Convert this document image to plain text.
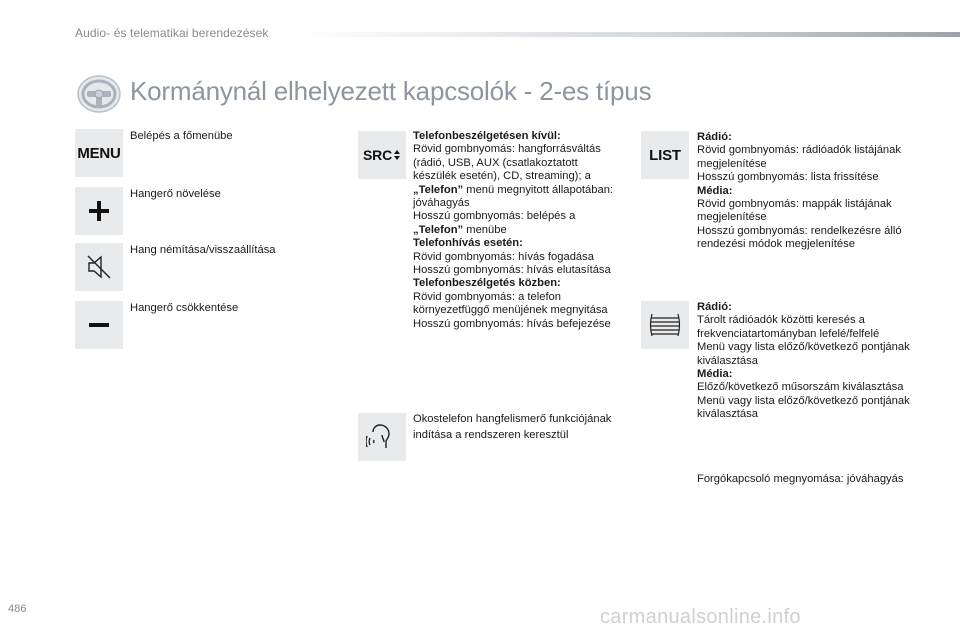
Audio- és telematikai berendezések
Kormánynál elhelyezett kapcsolók - 2-es típus
MENU
Belépés a főmenübe
Hangerő növelése
Hang némítása/visszaállítása
Hangerő csökkentése
SRC
Telefonbeszélgetésen kívül:
Rövid gombnyomás: hangforrásváltás (rádió, USB, AUX (csatlakoztatott készülék esetén), CD, streaming); a „Telefon” menü megnyitott állapotában: jóváhagyás
Hosszú gombnyomás: belépés a „Telefon” menübe
Telefonhívás esetén:
Rövid gombnyomás: hívás fogadása
Hosszú gombnyomás: hívás elutasítása
Telefonbeszélgetés közben:
Rövid gombnyomás: a telefon környezetfüggő menüjének megnyitása
Hosszú gombnyomás: hívás befejezése
Okostelefon hangfelismerő funkciójának indítása a rendszeren keresztül
LIST
Rádió:
Rövid gombnyomás: rádióadók listájának megjelenítése
Hosszú gombnyomás: lista frissítése
Média:
Rövid gombnyomás: mappák listájának megjelenítése
Hosszú gombnyomás: rendelkezésre álló rendezési módok megjelenítése
Rádió:
Tárolt rádióadók közötti keresés a frekvenciatartományban lefelé/felfelé
Menü vagy lista előző/következő pontjának kiválasztása
Média:
Előző/következő műsorszám kiválasztása
Menü vagy lista előző/következő pontjának kiválasztása
Forgókapcsoló megnyomása: jóváhagyás
486	carmanualsonline.info
